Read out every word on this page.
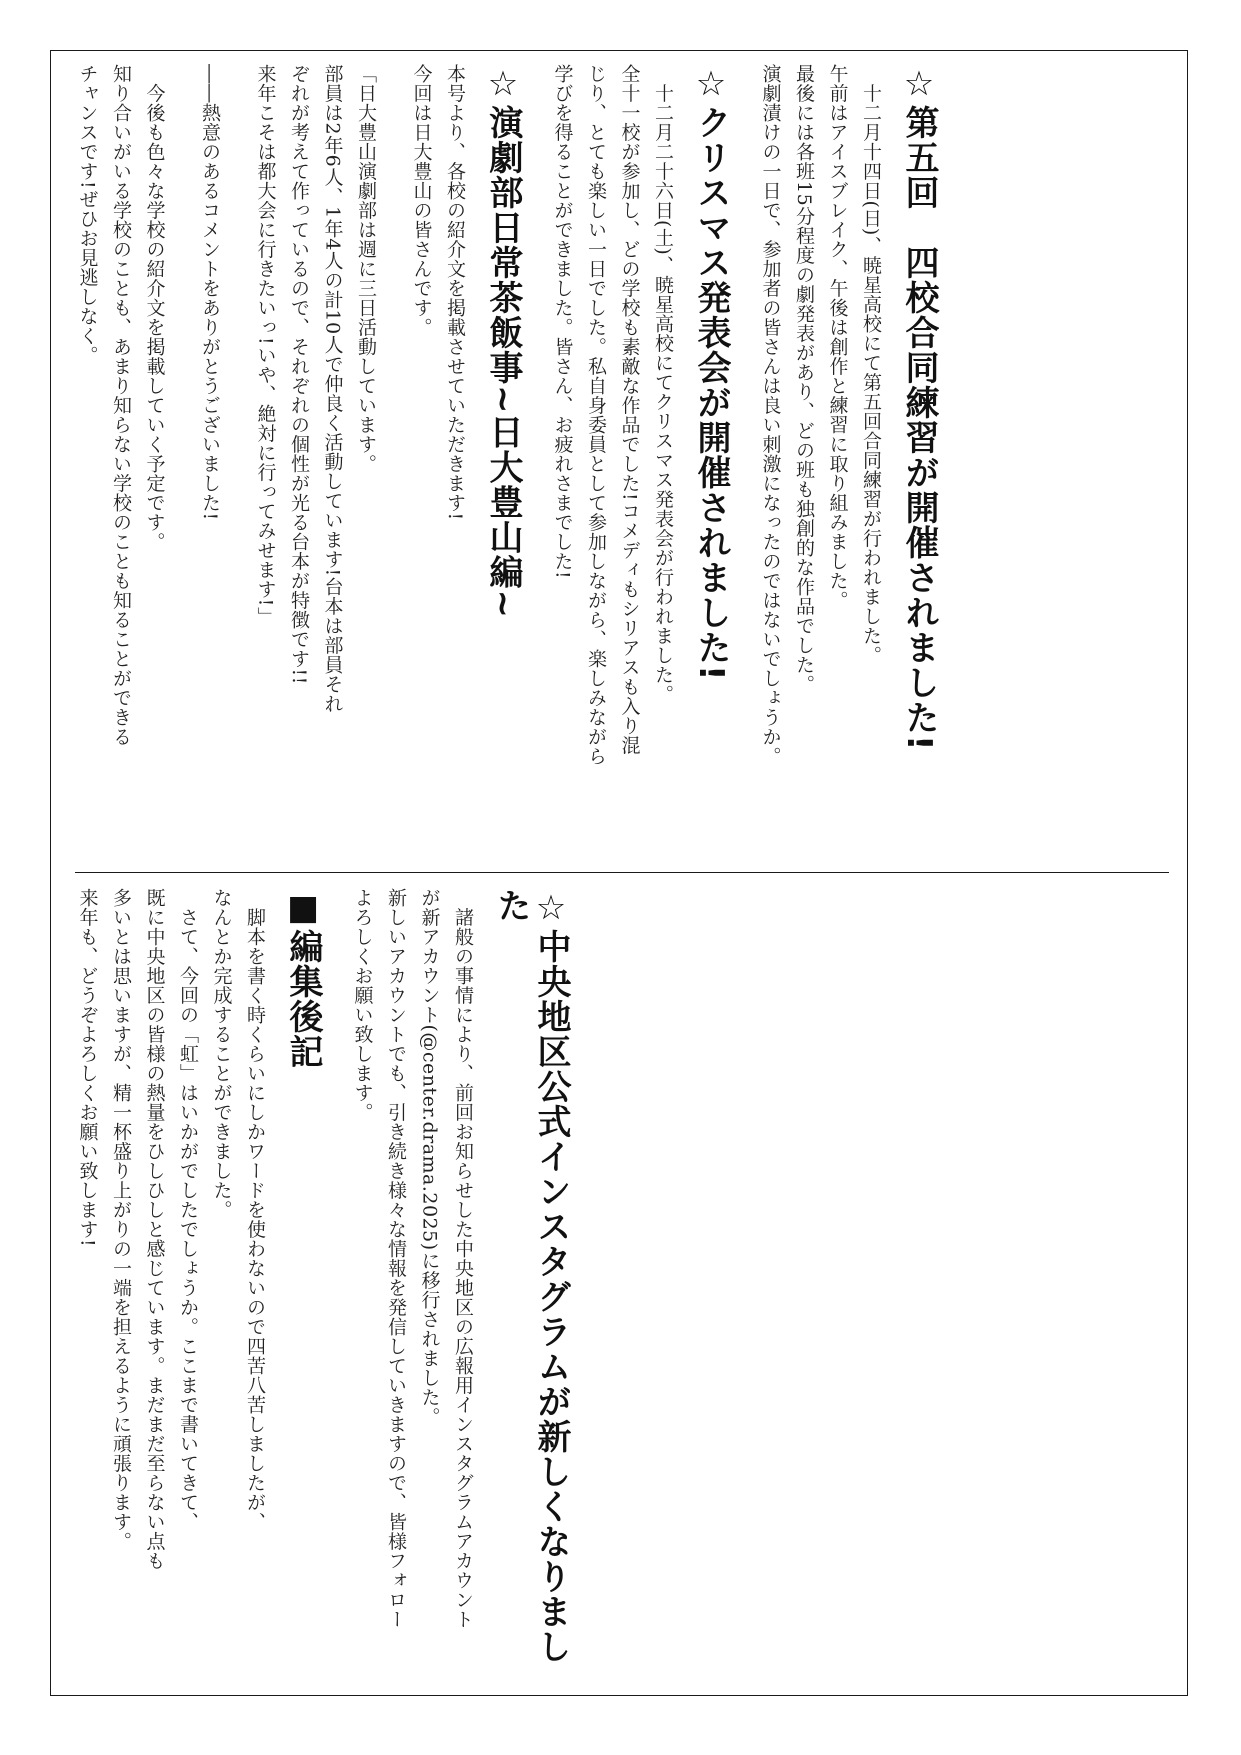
☆第五回　四校合同練習が開催されました!
　十二月十四日(日)、暁星高校にて第五回合同練習が行われました。
午前はアイスブレイク、午後は創作と練習に取り組みました。
最後には各班15分程度の劇発表があり、どの班も独創的な作品でした。
演劇漬けの一日で、参加者の皆さんは良い刺激になったのではないでしょうか。
☆クリスマス発表会が開催されました!
　十二月二十六日(土)、暁星高校にてクリスマス発表会が行われました。
全十一校が参加し、どの学校も素敵な作品でした!コメディもシリアスも入り混
じり、とても楽しい一日でした。私自身委員として参加しながら、楽しみながら
学びを得ることができました。皆さん、お疲れさまでした!
☆演劇部日常茶飯事~日大豊山編~
本号より、各校の紹介文を掲載させていただきます!
今回は日大豊山の皆さんです。
「日大豊山演劇部は週に三日活動しています。
部員は2年6人、1年4人の計10人で仲良く活動しています!台本は部員それ
ぞれが考えて作っているので、それぞれの個性が光る台本が特徴です!!
来年こそは都大会に行きたいっ!いや、絶対に行ってみせます!」
――熱意のあるコメントをありがとうございました!
　今後も色々な学校の紹介文を掲載していく予定です。
知り合いがいる学校のことも、あまり知らない学校のことも知ることができる
チャンスです!ぜひお見逃しなく。
☆中央地区公式インスタグラムが新しくなりました
　諸般の事情により、前回お知らせした中央地区の広報用インスタグラムアカウント
が新アカウント(@center.drama.2025)に移行されました。
新しいアカウントでも、引き続き様々な情報を発信していきますので、皆様フォロー
よろしくお願い致します。
■編集後記
　脚本を書く時くらいにしかワードを使わないので四苦八苦しましたが、
なんとか完成することができました。
　さて、今回の「虹」はいかがでしたでしょうか。ここまで書いてきて、
既に中央地区の皆様の熱量をひしひしと感じています。まだまだ至らない点も
多いとは思いますが、精一杯盛り上がりの一端を担えるように頑張ります。
来年も、どうぞよろしくお願い致します!
